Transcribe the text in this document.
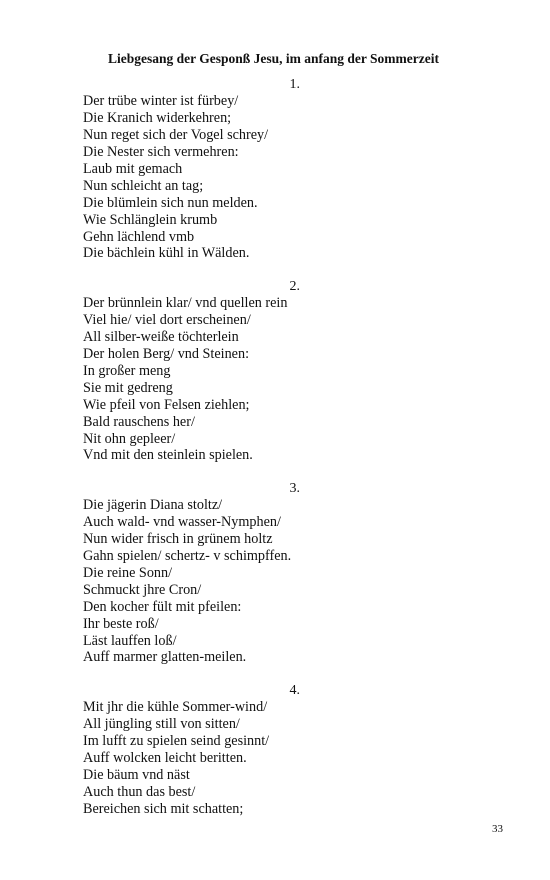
Liebgesang der Gesponß Jesu, im anfang der Sommerzeit
1.
Der trübe winter ist fürbey/
Die Kranich widerkehren;
Nun reget sich der Vogel schrey/
Die Nester sich vermehren:
Laub mit gemach
Nun schleicht an tag;
Die blümlein sich nun melden.
Wie Schlänglein krumb
Gehn lächlend vmb
Die bächlein kühl in Wälden.
2.
Der brünnlein klar/ vnd quellen rein
Viel hie/ viel dort erscheinen/
All silber-weiße töchterlein
Der holen Berg/ vnd Steinen:
In großer meng
Sie mit gedreng
Wie pfeil von Felsen ziehlen;
Bald rauschens her/
Nit ohn gepleer/
Vnd mit den steinlein spielen.
3.
Die jägerin Diana stoltz/
Auch wald- vnd wasser-Nymphen/
Nun wider frisch in grünem holtz
Gahn spielen/ schertz- v schimpffen.
Die reine Sonn/
Schmuckt jhre Cron/
Den kocher fült mit pfeilen:
Ihr beste roß/
Läst lauffen loß/
Auff marmer glatten-meilen.
4.
Mit jhr die kühle Sommer-wind/
All jüngling still von sitten/
Im lufft zu spielen seind gesinnt/
Auff wolcken leicht beritten.
Die bäum vnd näst
Auch thun das best/
Bereichen sich mit schatten;
33
